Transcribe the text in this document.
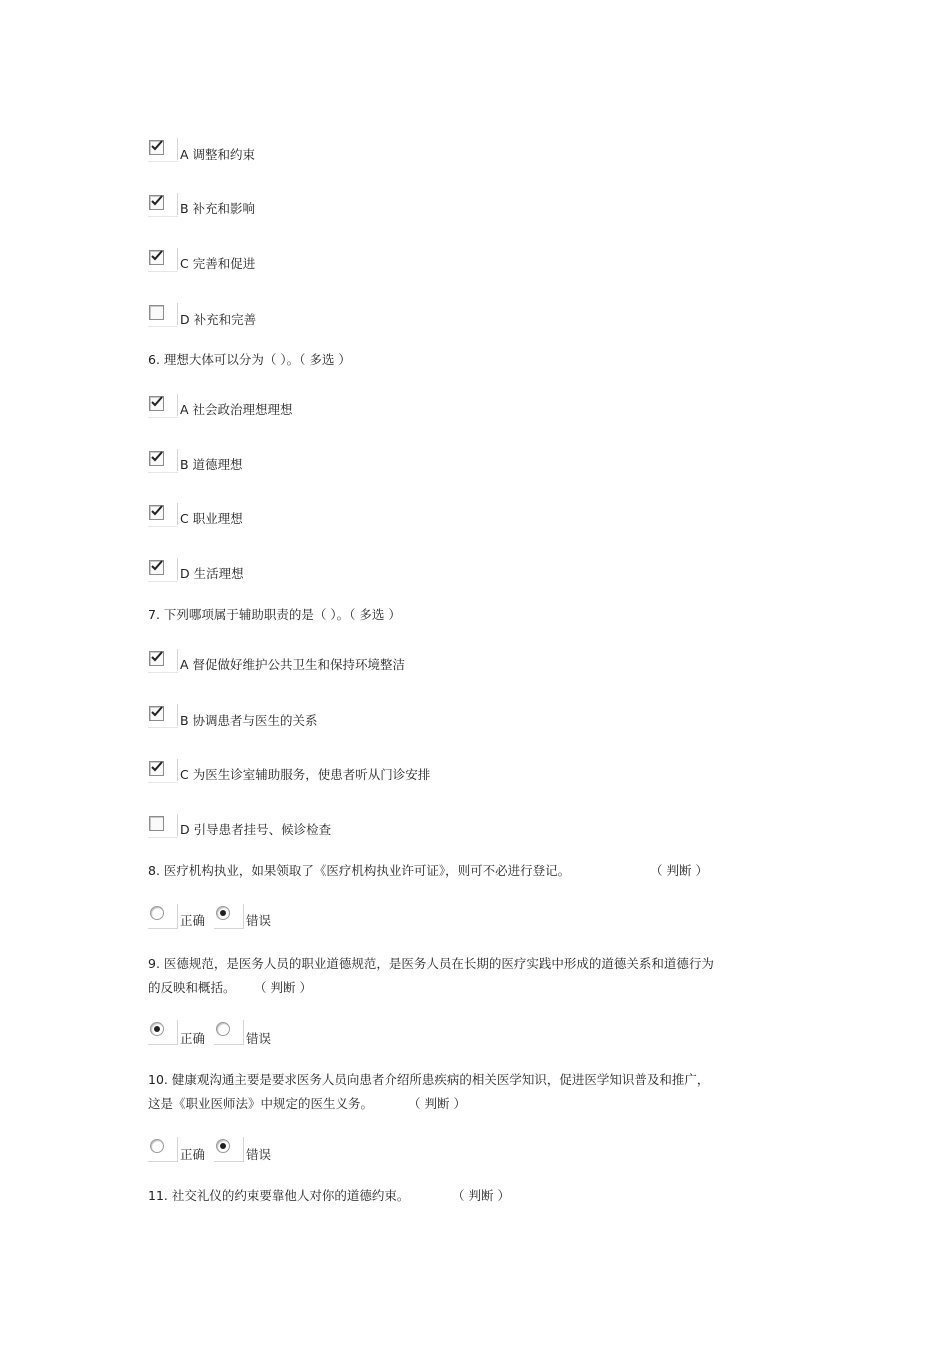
A 调整和约束
B 补充和影响
C 完善和促进
D 补充和完善
6. 理想大体可以分为（ ）。（ 多选 ）
A 社会政治理想理想
B 道德理想
C 职业理想
D 生活理想
7. 下列哪项属于辅助职责的是（ ）。（ 多选 ）
A 督促做好维护公共卫生和保持环境整洁
B 协调患者与医生的关系
C 为医生诊室辅助服务，使患者听从门诊安排
D 引导患者挂号、候诊检查
8. 医疗机构执业，如果领取了《医疗机构执业许可证》，则可不必进行登记。	（ 判断 ）
正确	错误
9. 医德规范，是医务人员的职业道德规范，是医务人员在长期的医疗实践中形成的道德关系和道德行为
的反映和概括。 （ 判断 ）
正确	错误
10. 健康观沟通主要是要求医务人员向患者介绍所患疾病的相关医学知识，促进医学知识普及和推广，
这是《职业医师法》中规定的医生义务。	（ 判断 ）
正确	错误
11. 社交礼仪的约束要靠他人对你的道德约束。	（ 判断 ）
